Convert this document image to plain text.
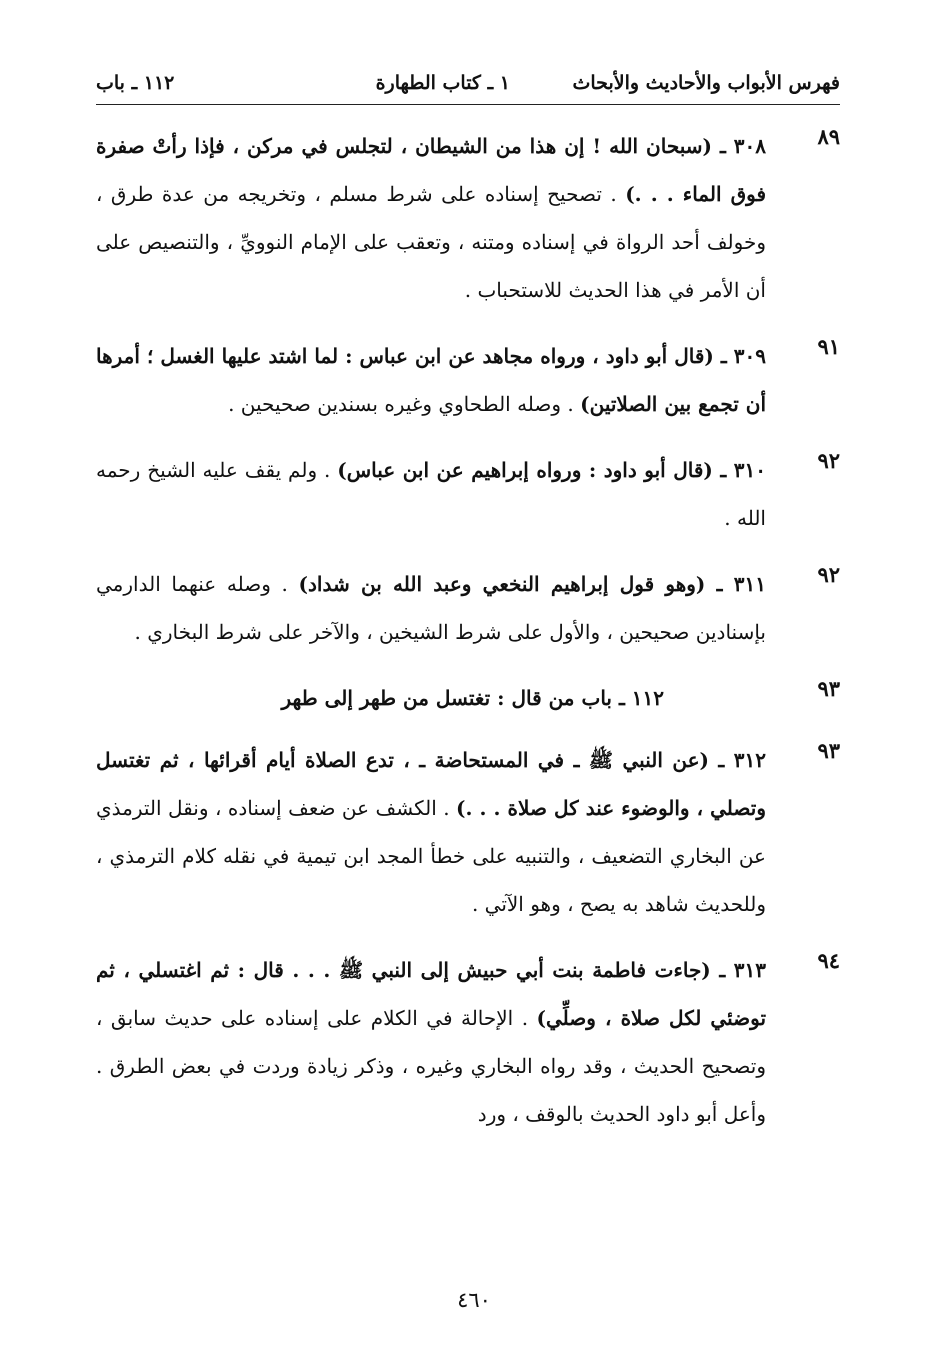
فهرس الأبواب والأحاديث والأبحاث
١ ـ كتاب الطهارة
١١٢ ـ باب
٨٩
٣٠٨ ـ (سبحان الله ! إن هذا من الشيطان ، لتجلس في مركن ، فإذا رأتْ صفرة فوق الماء . . .) . تصحيح إسناده على شرط مسلم ، وتخريجه من عدة طرق ، وخولف أحد الرواة في إسناده ومتنه ، وتعقب على الإمام النوويِّ ، والتنصيص على أن الأمر في هذا الحديث للاستحباب .
٩١
٣٠٩ ـ (قال أبو داود ، ورواه مجاهد عن ابن عباس : لما اشتد عليها الغسل ؛ أمرها أن تجمع بين الصلاتين) . وصله الطحاوي وغيره بسندين صحيحين .
٩٢
٣١٠ ـ (قال أبو داود : ورواه إبراهيم عن ابن عباس) . ولم يقف عليه الشيخ رحمه الله .
٩٢
٣١١ ـ (وهو قول إبراهيم النخعي وعبد الله بن شداد) . وصله عنهما الدارمي بإسنادين صحيحين ، والأول على شرط الشيخين ، والآخر على شرط البخاري .
٩٣
١١٢ ـ باب من قال : تغتسل من طهر إلى طهر
٩٣
٣١٢ ـ (عن النبي ﷺ ـ في المستحاضة ـ ، تدع الصلاة أيام أقرائها ، ثم تغتسل وتصلي ، والوضوء عند كل صلاة . . .) . الكشف عن ضعف إسناده ، ونقل الترمذي عن البخاري التضعيف ، والتنبيه على خطأ المجد ابن تيمية في نقله كلام الترمذي ، وللحديث شاهد به يصح ، وهو الآتي .
٩٤
٣١٣ ـ (جاءت فاطمة بنت أبي حبيش إلى النبي ﷺ . . . قال : ثم اغتسلي ، ثم توضئي لكل صلاة ، وصلِّي) . الإحالة في الكلام على إسناده على حديث سابق ، وتصحيح الحديث ، وقد رواه البخاري وغيره ، وذكر زيادة وردت في بعض الطرق . وأعل أبو داود الحديث بالوقف ، ورد
٤٦٠
